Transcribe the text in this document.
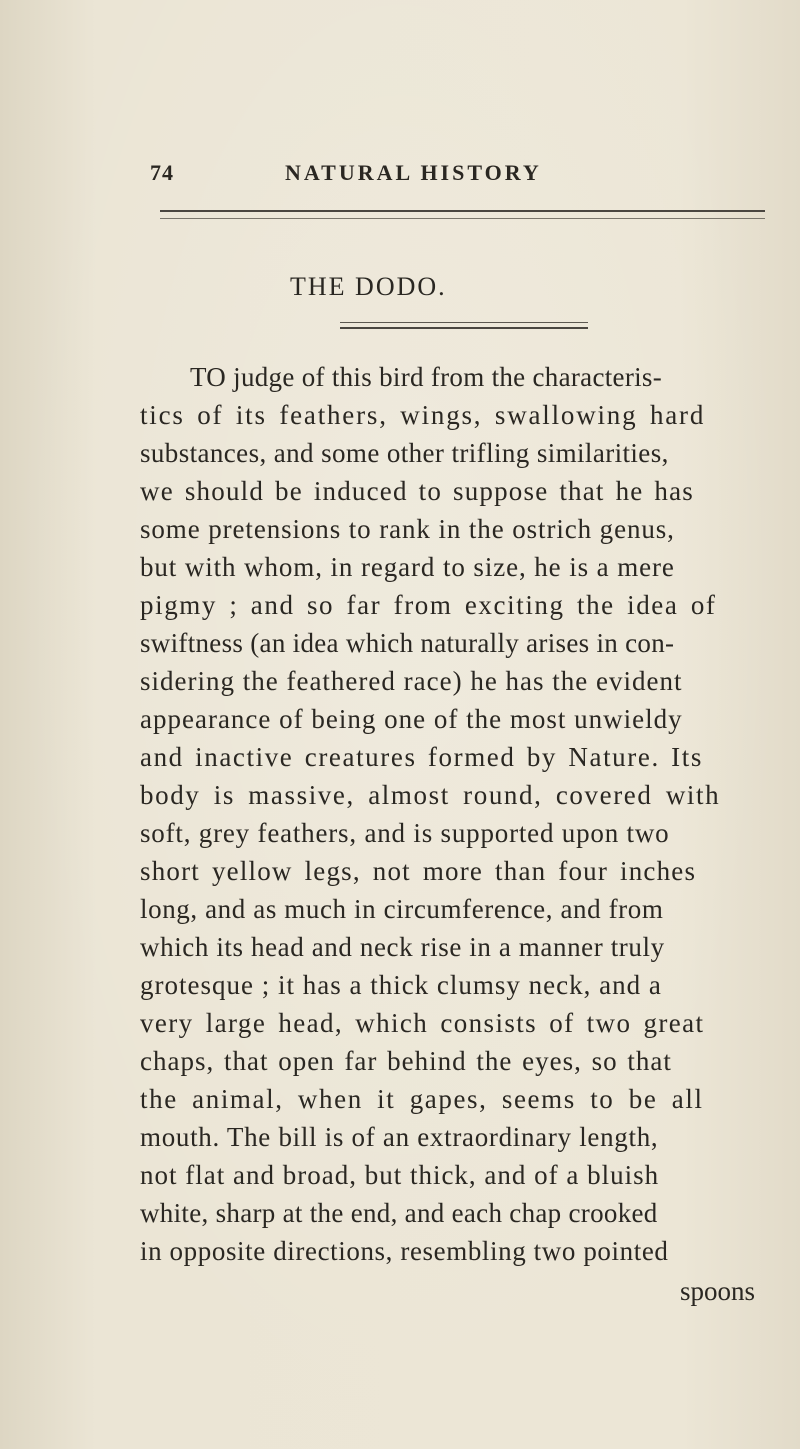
74	NATURAL HISTORY
THE DODO.
TO judge of this bird from the characteris-
tics of its feathers, wings, swallowing hard
substances, and some other trifling similarities,
we should be induced to suppose that he has
some pretensions to rank in the ostrich genus,
but with whom, in regard to size, he is a mere
pigmy ; and so far from exciting the idea of
swiftness (an idea which naturally arises in con-
sidering the feathered race) he has the evident
appearance of being one of the most unwieldy
and inactive creatures formed by Nature. Its
body is massive, almost round, covered with
soft, grey feathers, and is supported upon two
short yellow legs, not more than four inches
long, and as much in circumference, and from
which its head and neck rise in a manner truly
grotesque ; it has a thick clumsy neck, and a
very large head, which consists of two great
chaps, that open far behind the eyes, so that
the animal, when it gapes, seems to be all
mouth. The bill is of an extraordinary length,
not flat and broad, but thick, and of a bluish
white, sharp at the end, and each chap crooked
in opposite directions, resembling two pointed
spoons
